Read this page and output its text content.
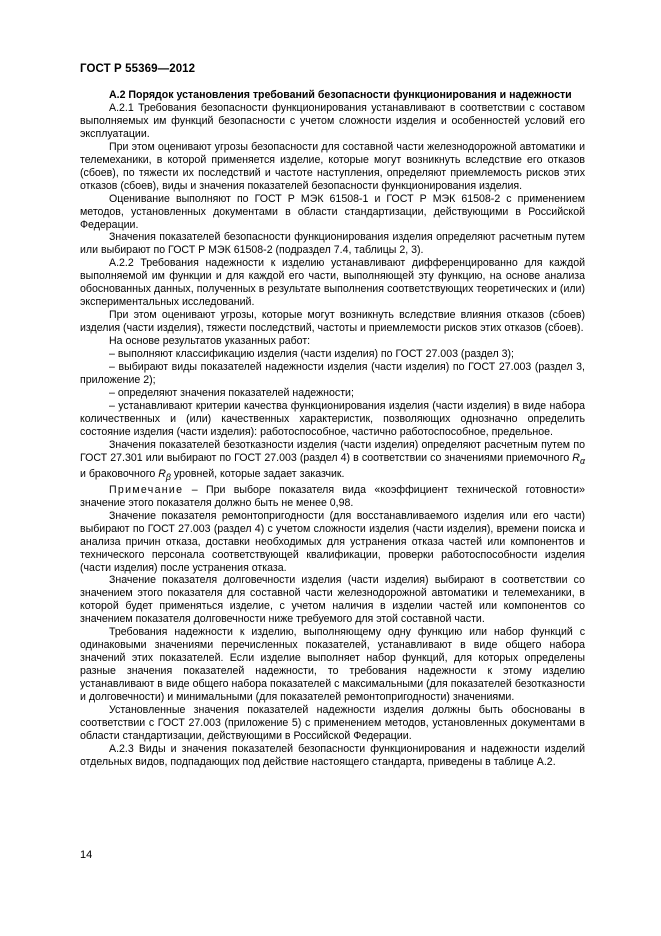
ГОСТ Р 55369—2012

А.2 Порядок установления требований безопасности функционирования и надежности

А.2.1 Требования безопасности функционирования устанавливают в соответствии с составом выполняемых им функций безопасности с учетом сложности изделия и особенностей условий его эксплуатации.

При этом оценивают угрозы безопасности для составной части железнодорожной автоматики и телемеханики, в которой применяется изделие, которые могут возникнуть вследствие его отказов (сбоев), по тяжести их последствий и частоте наступления, определяют приемлемость рисков этих отказов (сбоев), виды и значения показателей безопасности функционирования изделия.

Оценивание выполняют по ГОСТ Р МЭК 61508-1 и ГОСТ Р МЭК 61508-2 с применением методов, установленных документами в области стандартизации, действующими в Российской Федерации.

Значения показателей безопасности функционирования изделия определяют расчетным путем или выбирают по ГОСТ Р МЭК 61508-2 (подраздел 7.4, таблицы 2, 3).

А.2.2 Требования надежности к изделию устанавливают дифференцированно для каждой выполняемой им функции и для каждой его части, выполняющей эту функцию, на основе анализа обоснованных данных, полученных в результате выполнения соответствующих теоретических и (или) экспериментальных исследований.

При этом оценивают угрозы, которые могут возникнуть вследствие влияния отказов (сбоев) изделия (части изделия), тяжести последствий, частоты и приемлемости рисков этих отказов (сбоев).

На основе результатов указанных работ:

– выполняют классификацию изделия (части изделия) по ГОСТ 27.003 (раздел 3);

– выбирают виды показателей надежности изделия (части изделия) по ГОСТ 27.003 (раздел 3, приложение 2);

– определяют значения показателей надежности;

– устанавливают критерии качества функционирования изделия (части изделия) в виде набора количественных и (или) качественных характеристик, позволяющих однозначно определить состояние изделия (части изделия): работоспособное, частично работоспособное, предельное.

Значения показателей безотказности изделия (части изделия) определяют расчетным путем по ГОСТ 27.301 или выбирают по ГОСТ 27.003 (раздел 4) в соответствии со значениями приемочного $R_\alpha$ и браковочного $R_\beta$ уровней, которые задает заказчик.

Примечание – При выборе показателя вида «коэффициент технической готовности» значение этого показателя должно быть не менее 0,98.

Значение показателя ремонтопригодности (для восстанавливаемого изделия или его части) выбирают по ГОСТ 27.003 (раздел 4) с учетом сложности изделия (части изделия), времени поиска и анализа причин отказа, доставки необходимых для устранения отказа частей или компонентов и технического персонала соответствующей квалификации, проверки работоспособности изделия (части изделия) после устранения отказа.

Значение показателя долговечности изделия (части изделия) выбирают в соответствии со значением этого показателя для составной части железнодорожной автоматики и телемеханики, в которой будет применяться изделие, с учетом наличия в изделии частей или компонентов со значением показателя долговечности ниже требуемого для этой составной части.

Требования надежности к изделию, выполняющему одну функцию или набор функций с одинаковыми значениями перечисленных показателей, устанавливают в виде общего набора значений этих показателей. Если изделие выполняет набор функций, для которых определены разные значения показателей надежности, то требования надежности к этому изделию устанавливают в виде общего набора показателей с максимальными (для показателей безотказности и долговечности) и минимальными (для показателей ремонтопригодности) значениями.

Установленные значения показателей надежности изделия должны быть обоснованы в соответствии с ГОСТ 27.003 (приложение 5) с применением методов, установленных документами в области стандартизации, действующими в Российской Федерации.

А.2.3 Виды и значения показателей безопасности функционирования и надежности изделий отдельных видов, подпадающих под действие настоящего стандарта, приведены в таблице А.2.

14
